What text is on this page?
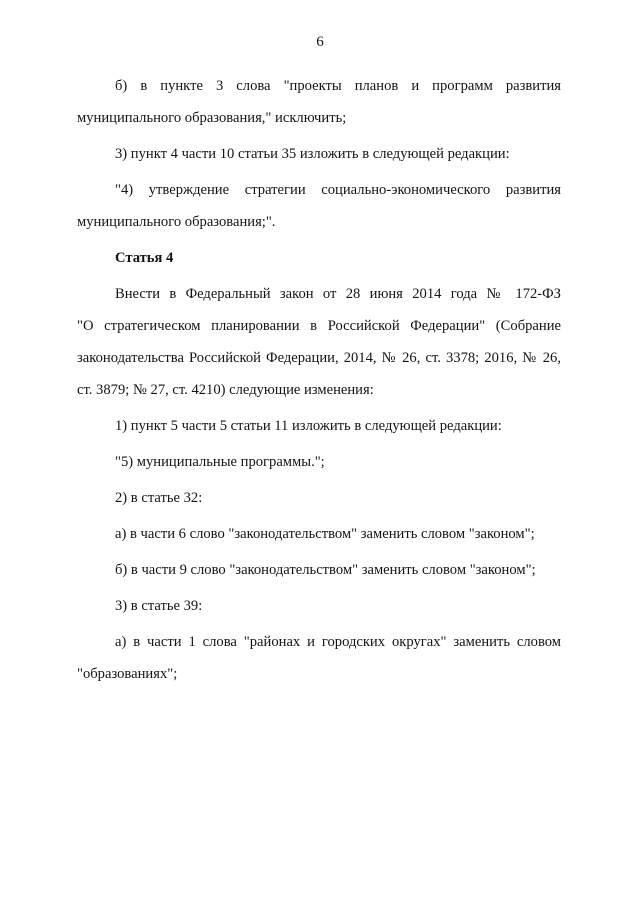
6

б) в пункте 3 слова "проекты планов и программ развития

муниципального образования," исключить;

3) пункт 4 части 10 статьи 35 изложить в следующей редакции:

"4) утверждение стратегии социально-экономического развития

муниципального образования;".

Статья 4

Внести в Федеральный закон от 28 июня 2014 года № 172-ФЗ

"О стратегическом планировании в Российской Федерации" (Собрание

законодательства Российской Федерации, 2014, № 26, ст. 3378; 2016, № 26,

ст. 3879; № 27, ст. 4210) следующие изменения:

1) пункт 5 части 5 статьи 11 изложить в следующей редакции:

"5) муниципальные программы.";

2) в статье 32:

а) в части 6 слово "законодательством" заменить словом "законом";

б) в части 9 слово "законодательством" заменить словом "законом";

3) в статье 39:

а) в части 1 слова "районах и городских округах" заменить словом

"образованиях";
